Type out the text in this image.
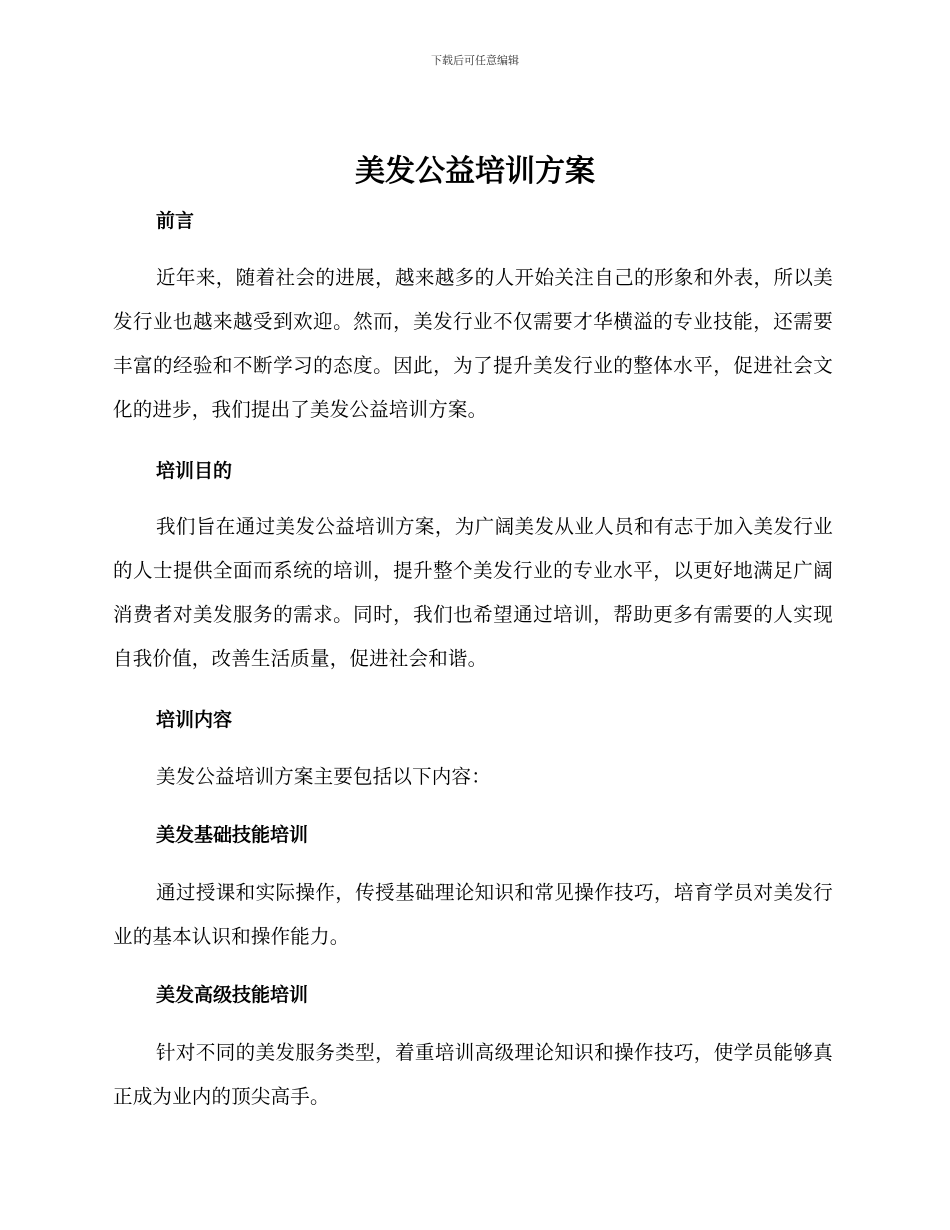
下载后可任意编辑
美发公益培训方案
前言

近年来，随着社会的进展，越来越多的人开始关注自己的形象和外表，所以美发行业也越来越受到欢迎。然而，美发行业不仅需要才华横溢的专业技能，还需要丰富的经验和不断学习的态度。因此，为了提升美发行业的整体水平，促进社会文化的进步，我们提出了美发公益培训方案。

培训目的

我们旨在通过美发公益培训方案，为广阔美发从业人员和有志于加入美发行业的人士提供全面而系统的培训，提升整个美发行业的专业水平，以更好地满足广阔消费者对美发服务的需求。同时，我们也希望通过培训，帮助更多有需要的人实现自我价值，改善生活质量，促进社会和谐。

培训内容

美发公益培训方案主要包括以下内容：

美发基础技能培训

通过授课和实际操作，传授基础理论知识和常见操作技巧，培育学员对美发行业的基本认识和操作能力。

美发高级技能培训

针对不同的美发服务类型，着重培训高级理论知识和操作技巧，使学员能够真正成为业内的顶尖高手。
